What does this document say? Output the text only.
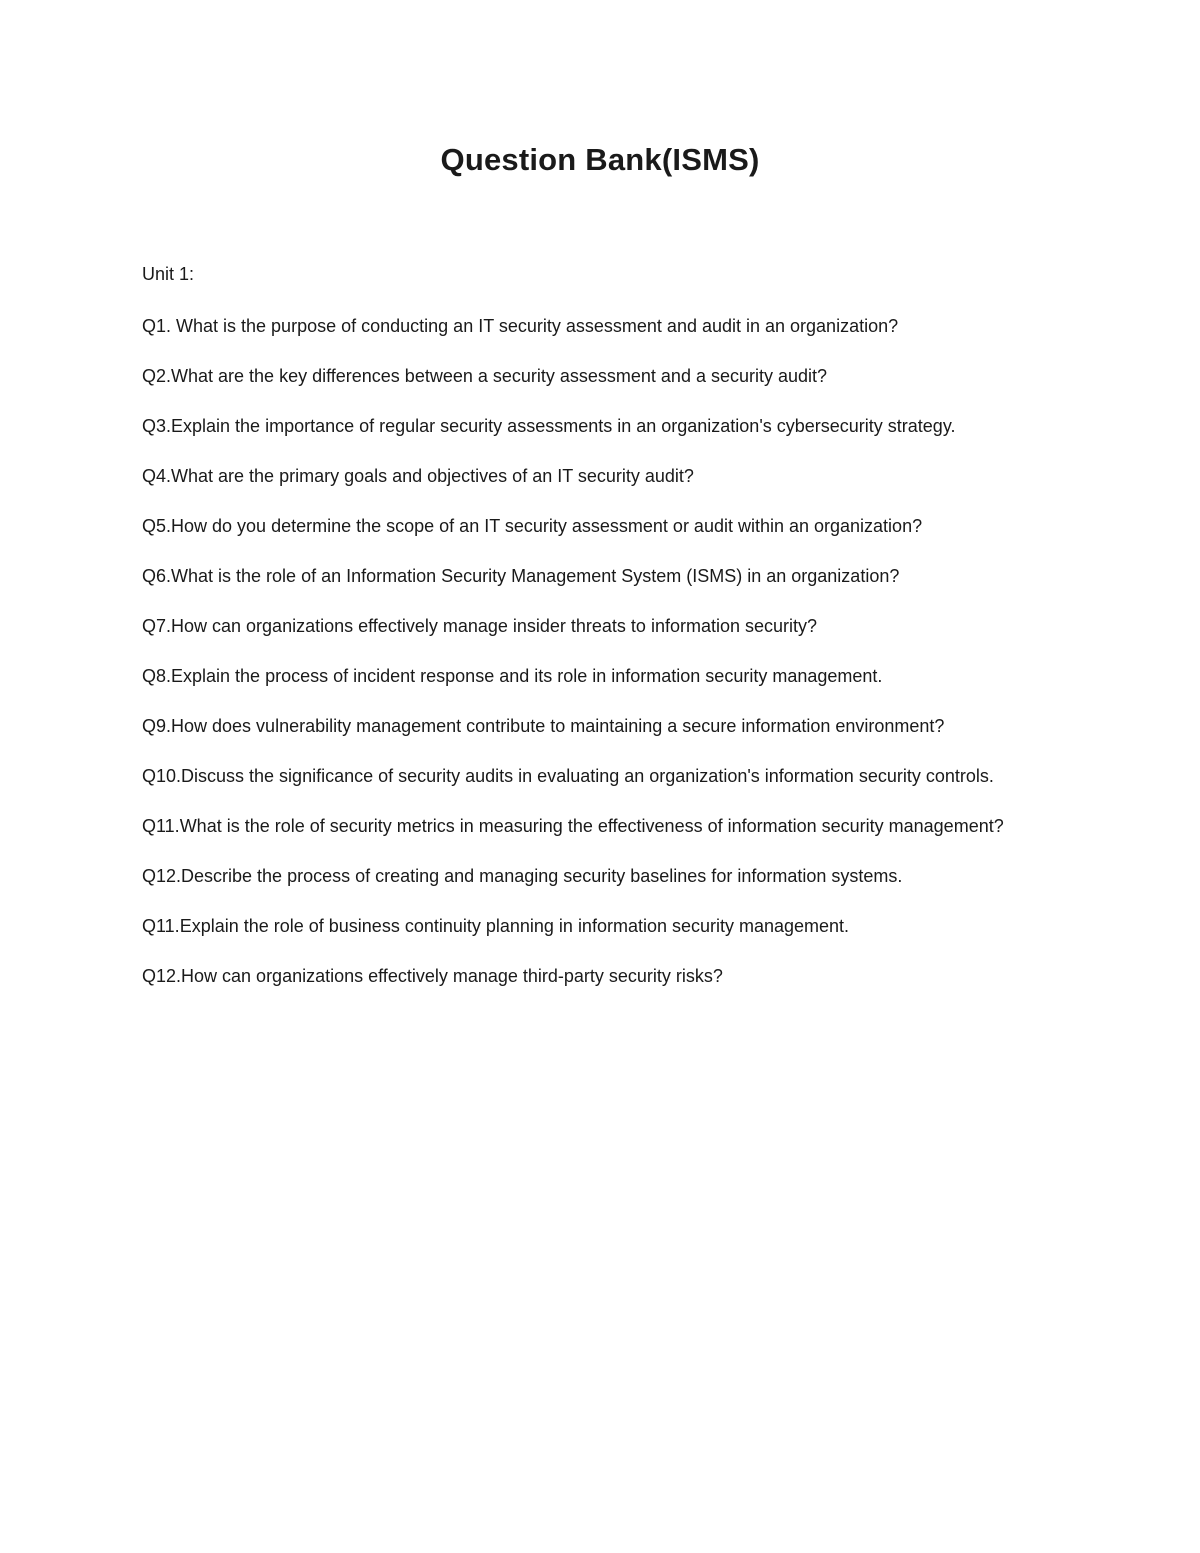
Question Bank(ISMS)

Unit 1:

Q1. What is the purpose of conducting an IT security assessment and audit in an organization?
Q2.What are the key differences between a security assessment and a security audit?
Q3.Explain the importance of regular security assessments in an organization's cybersecurity strategy.
Q4.What are the primary goals and objectives of an IT security audit?
Q5.How do you determine the scope of an IT security assessment or audit within an organization?
Q6.What is the role of an Information Security Management System (ISMS) in an organization?
Q7.How can organizations effectively manage insider threats to information security?
Q8.Explain the process of incident response and its role in information security management.
Q9.How does vulnerability management contribute to maintaining a secure information environment?
Q10.Discuss the significance of security audits in evaluating an organization's information security controls.
Q11.What is the role of security metrics in measuring the effectiveness of information security management?
Q12.Describe the process of creating and managing security baselines for information systems.
Q11.Explain the role of business continuity planning in information security management.
Q12.How can organizations effectively manage third-party security risks?
